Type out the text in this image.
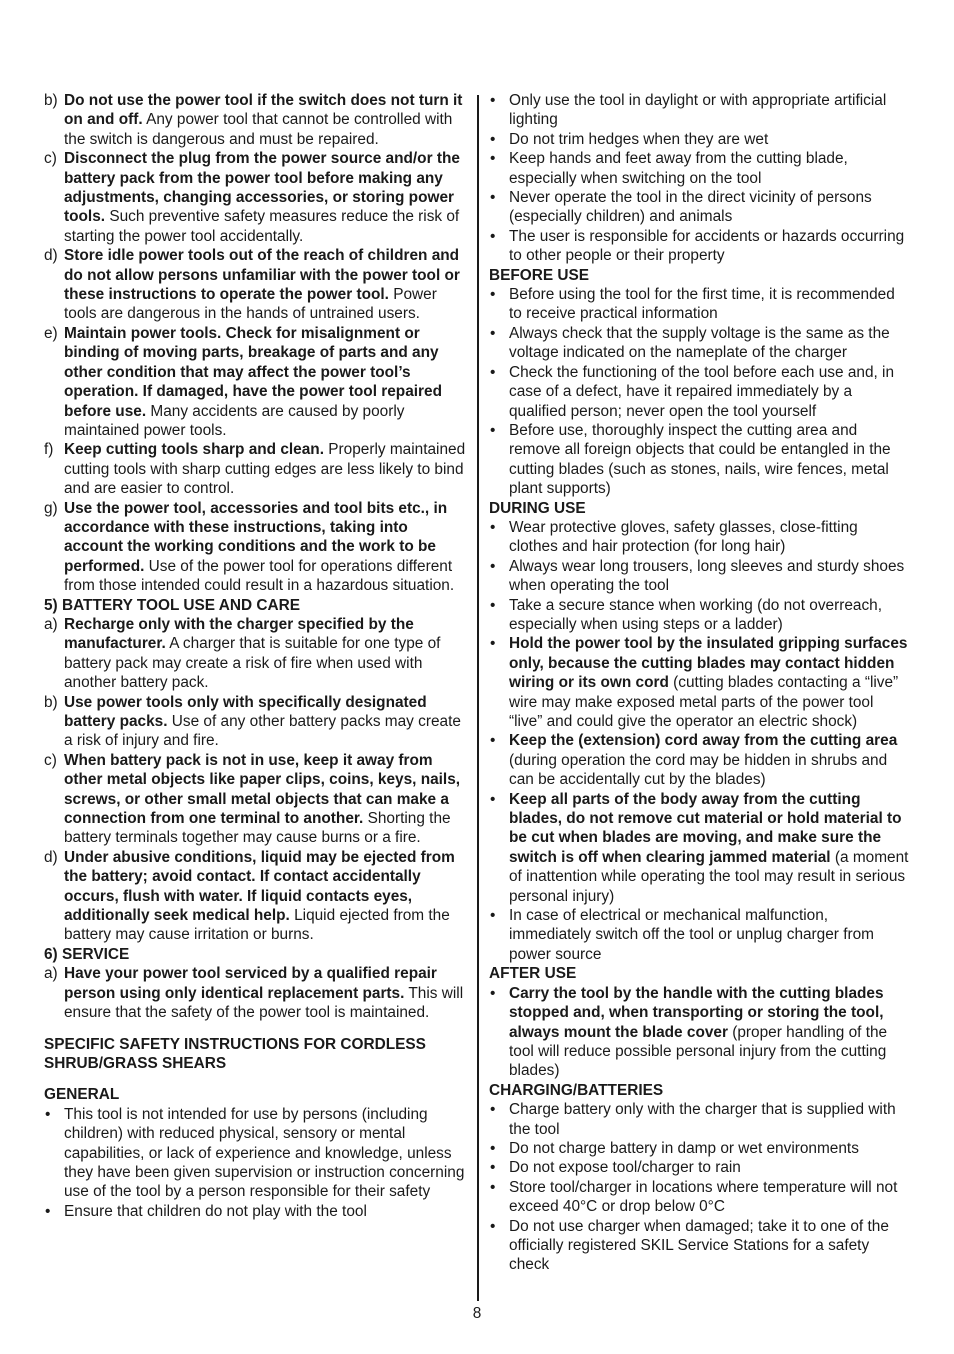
b) Do not use the power tool if the switch does not turn it on and off. Any power tool that cannot be controlled with the switch is dangerous and must be repaired.
c) Disconnect the plug from the power source and/or the battery pack from the power tool before making any adjustments, changing accessories, or storing power tools. Such preventive safety measures reduce the risk of starting the power tool accidentally.
d) Store idle power tools out of the reach of children and do not allow persons unfamiliar with the power tool or these instructions to operate the power tool. Power tools are dangerous in the hands of untrained users.
e) Maintain power tools. Check for misalignment or binding of moving parts, breakage of parts and any other condition that may affect the power tool’s operation. If damaged, have the power tool repaired before use. Many accidents are caused by poorly maintained power tools.
f) Keep cutting tools sharp and clean. Properly maintained cutting tools with sharp cutting edges are less likely to bind and are easier to control.
g) Use the power tool, accessories and tool bits etc., in accordance with these instructions, taking into account the working conditions and the work to be performed. Use of the power tool for operations different from those intended could result in a hazardous situation.
5) BATTERY TOOL USE AND CARE
a) Recharge only with the charger specified by the manufacturer. A charger that is suitable for one type of battery pack may create a risk of fire when used with another battery pack.
b) Use power tools only with specifically designated battery packs. Use of any other battery packs may create a risk of injury and fire.
c) When battery pack is not in use, keep it away from other metal objects like paper clips, coins, keys, nails, screws, or other small metal objects that can make a connection from one terminal to another. Shorting the battery terminals together may cause burns or a fire.
d) Under abusive conditions, liquid may be ejected from the battery; avoid contact. If contact accidentally occurs, flush with water. If liquid contacts eyes, additionally seek medical help. Liquid ejected from the battery may cause irritation or burns.
6) SERVICE
a) Have your power tool serviced by a qualified repair person using only identical replacement parts. This will ensure that the safety of the power tool is maintained.
SPECIFIC SAFETY INSTRUCTIONS FOR CORDLESS SHRUB/GRASS SHEARS
GENERAL
• This tool is not intended for use by persons (including children) with reduced physical, sensory or mental capabilities, or lack of experience and knowledge, unless they have been given supervision or instruction concerning use of the tool by a person responsible for their safety
• Ensure that children do not play with the tool
• Only use the tool in daylight or with appropriate artificial lighting
• Do not trim hedges when they are wet
• Keep hands and feet away from the cutting blade, especially when switching on the tool
• Never operate the tool in the direct vicinity of persons (especially children) and animals
• The user is responsible for accidents or hazards occurring to other people or their property
BEFORE USE
• Before using the tool for the first time, it is recommended to receive practical information
• Always check that the supply voltage is the same as the voltage indicated on the nameplate of the charger
• Check the functioning of the tool before each use and, in case of a defect, have it repaired immediately by a qualified person; never open the tool yourself
• Before use, thoroughly inspect the cutting area and remove all foreign objects that could be entangled in the cutting blades (such as stones, nails, wire fences, metal plant supports)
DURING USE
• Wear protective gloves, safety glasses, close-fitting clothes and hair protection (for long hair)
• Always wear long trousers, long sleeves and sturdy shoes when operating the tool
• Take a secure stance when working (do not overreach, especially when using steps or a ladder)
• Hold the power tool by the insulated gripping surfaces only, because the cutting blades may contact hidden wiring or its own cord (cutting blades contacting a “live” wire may make exposed metal parts of the power tool “live” and could give the operator an electric shock)
• Keep the (extension) cord away from the cutting area (during operation the cord may be hidden in shrubs and can be accidentally cut by the blades)
• Keep all parts of the body away from the cutting blades, do not remove cut material or hold material to be cut when blades are moving, and make sure the switch is off when clearing jammed material (a moment of inattention while operating the tool may result in serious personal injury)
• In case of electrical or mechanical malfunction, immediately switch off the tool or unplug charger from power source
AFTER USE
• Carry the tool by the handle with the cutting blades stopped and, when transporting or storing the tool, always mount the blade cover (proper handling of the tool will reduce possible personal injury from the cutting blades)
CHARGING/BATTERIES
• Charge battery only with the charger that is supplied with the tool
• Do not charge battery in damp or wet environments
• Do not expose tool/charger to rain
• Store tool/charger in locations where temperature will not exceed 40°C or drop below 0°C
• Do not use charger when damaged; take it to one of the officially registered SKIL Service Stations for a safety check
8
